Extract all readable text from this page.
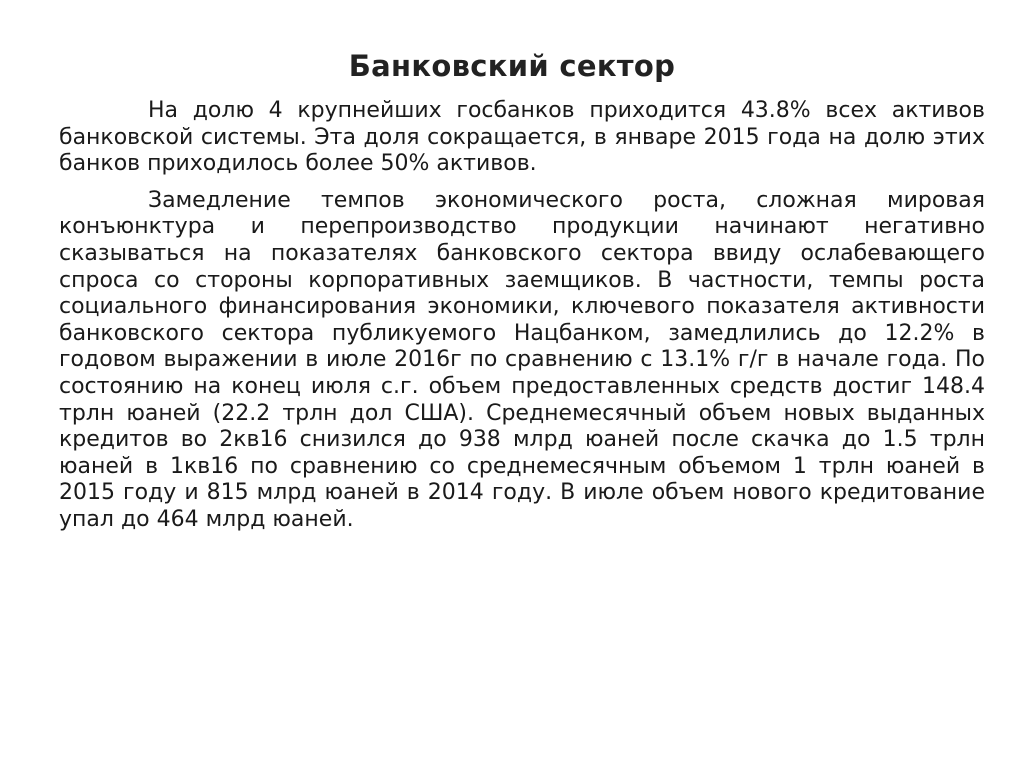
Банковский сектор

На долю 4 крупнейших госбанков приходится 43.8% всех активов банковской системы. Эта доля сокращается, в январе 2015 года на долю этих банков приходилось более 50% активов.

Замедление темпов экономического роста, сложная мировая конъюнктура и перепроизводство продукции начинают негативно сказываться на показателях банковского сектора ввиду ослабевающего спроса со стороны корпоративных заемщиков. В частности, темпы роста социального финансирования экономики, ключевого показателя активности банковского сектора публикуемого Нацбанком, замедлились до 12.2% в годовом выражении в июле 2016г по сравнению с 13.1% г/г в начале года. По состоянию на конец июля с.г. объем предоставленных средств достиг 148.4 трлн юаней (22.2 трлн дол США). Среднемесячный объем новых выданных кредитов во 2кв16 снизился до 938 млрд юаней после скачка до 1.5 трлн юаней в 1кв16 по сравнению со среднемесячным объемом 1 трлн юаней в 2015 году и 815 млрд юаней в 2014 году. В июле объем нового кредитование упал до 464 млрд юаней.
